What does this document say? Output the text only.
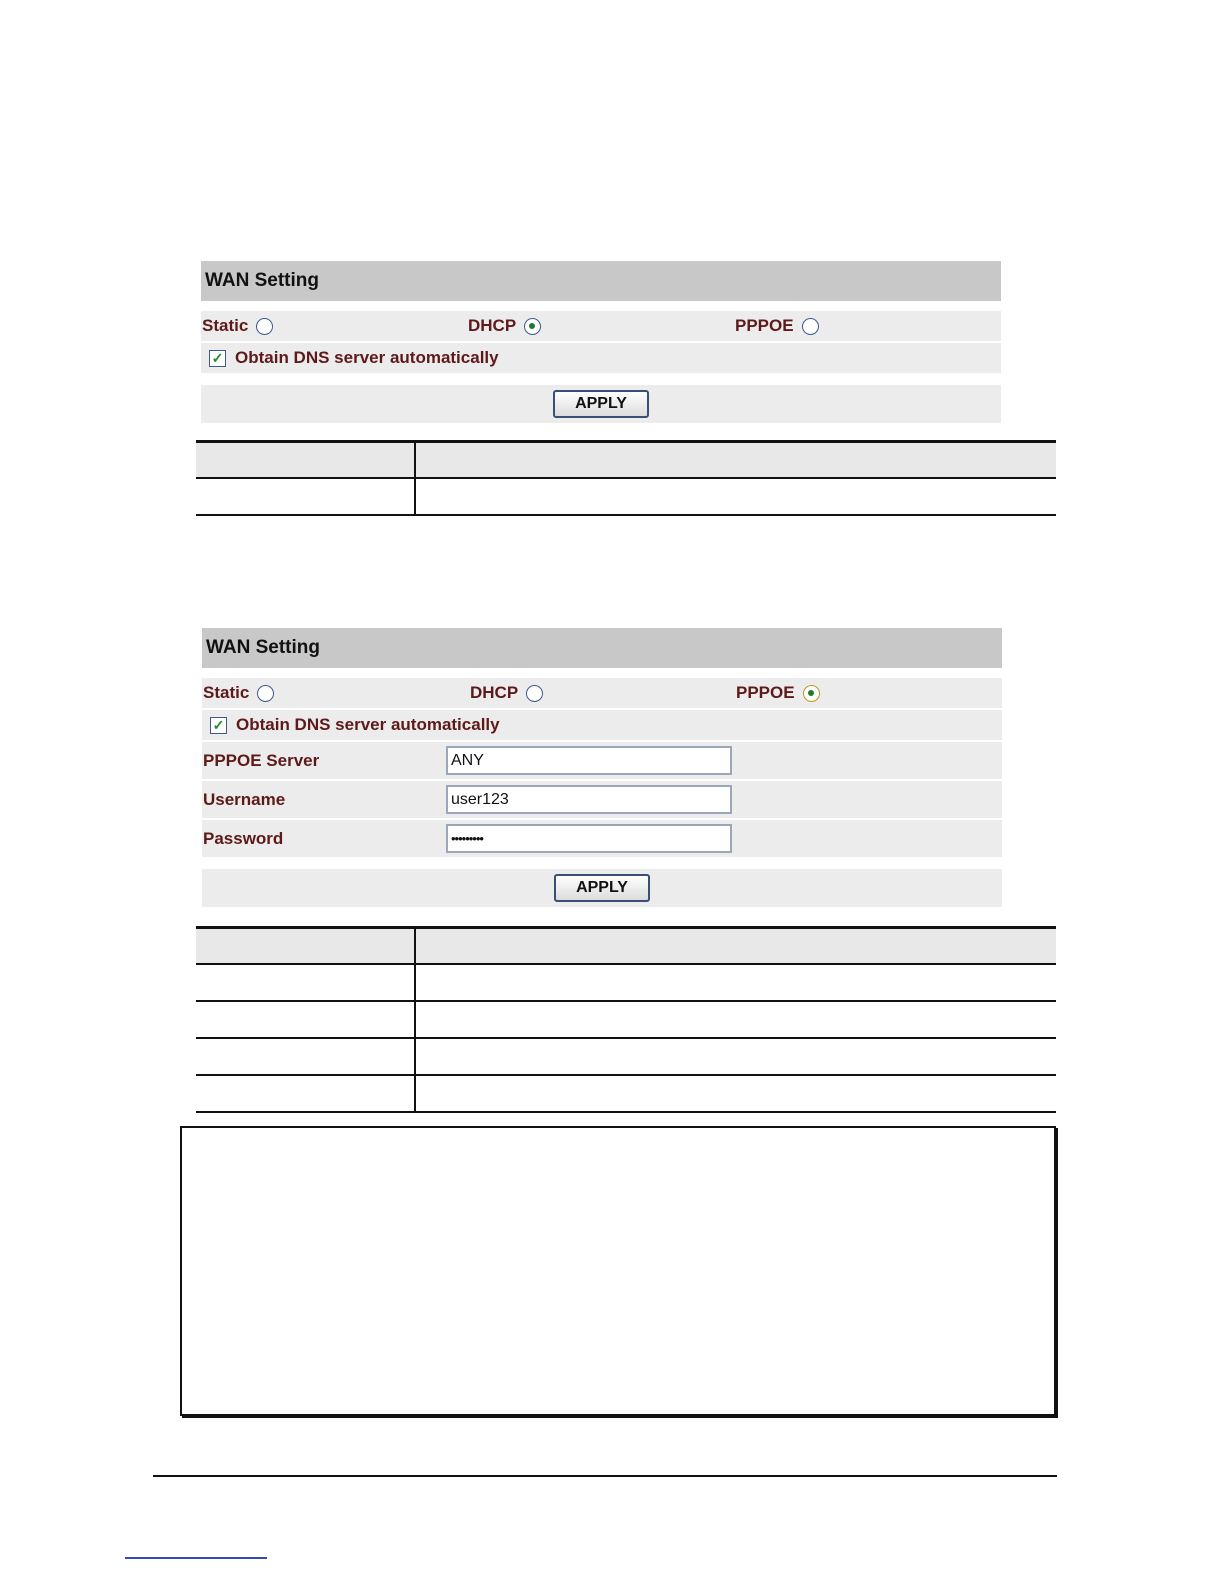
WAN Setting
Static	DHCP	PPPOE
✓ Obtain DNS server automatically
APPLY
WAN Setting
Static	DHCP	PPPOE
✓ Obtain DNS server automatically
PPPOE Server	ANY
Username	user123
Password	•••••••••
APPLY
